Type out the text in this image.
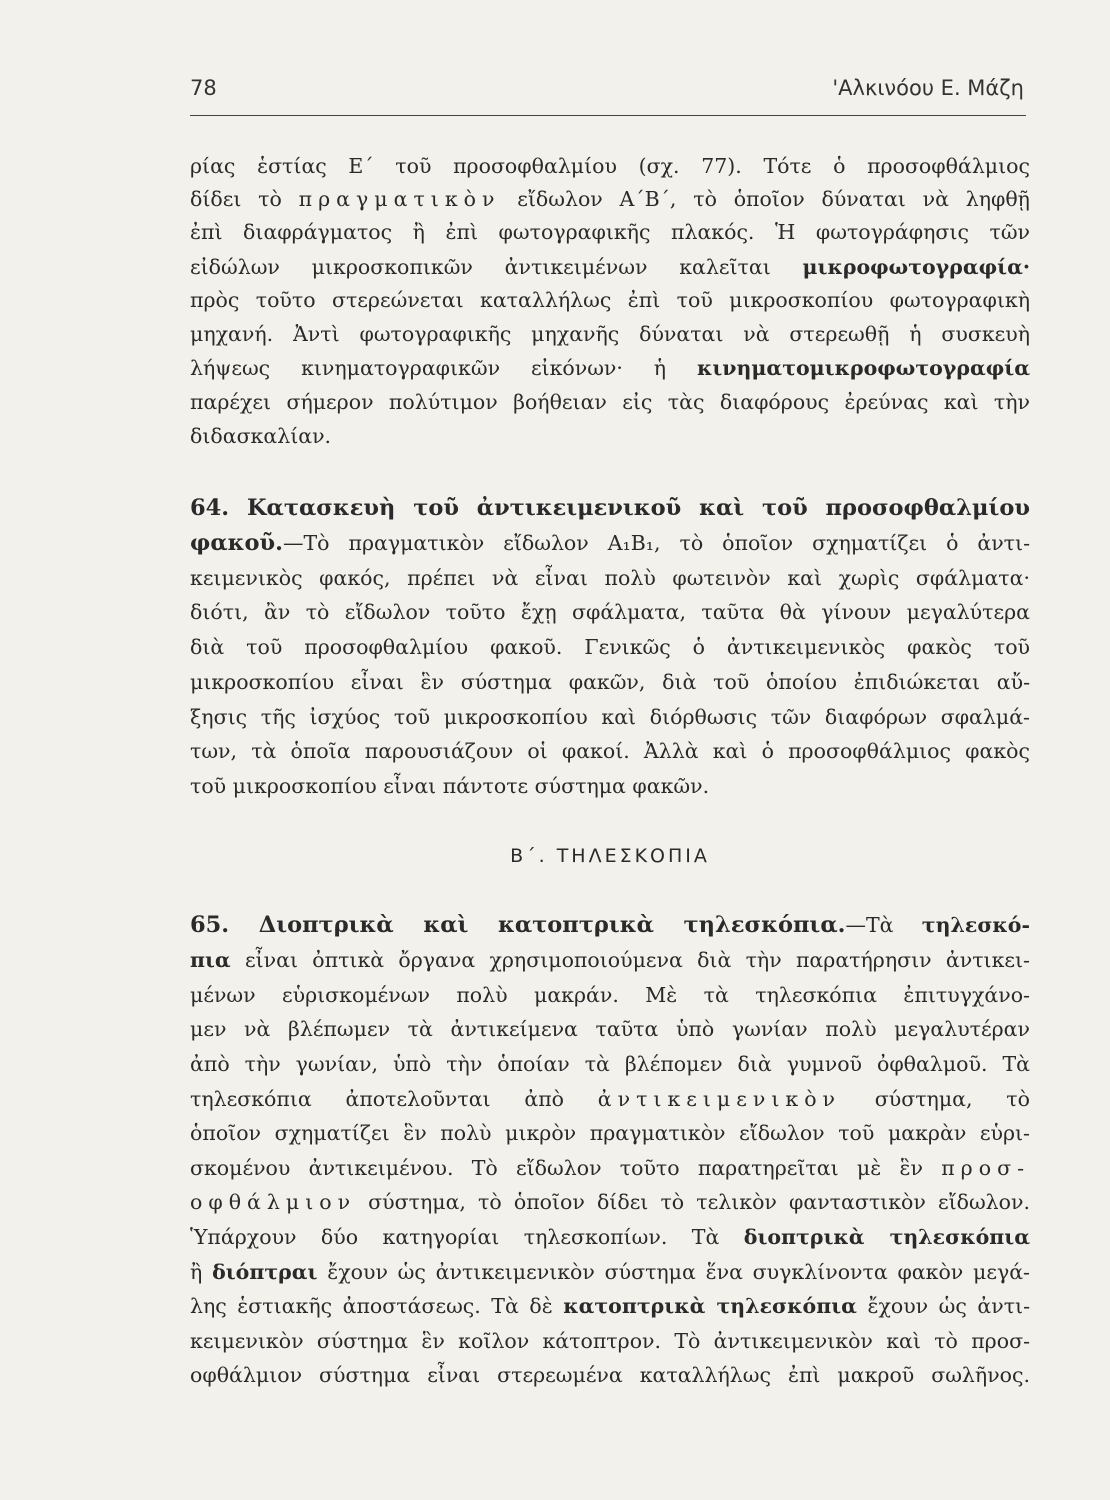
78	'Αλκινόου Ε. Μάζη
ρίας ἑστίας Ε΄ τοῦ προσοφθαλμίου (σχ. 77). Τότε ὁ προσοφθάλμιος
δίδει τὸ πραγματικὸν εἴδωλον Α΄Β΄, τὸ ὁποῖον δύναται νὰ ληφθῇ
ἐπὶ διαφράγματος ἢ ἐπὶ φωτογραφικῆς πλακός. Ἡ φωτογράφησις τῶν
εἰδώλων μικροσκοπικῶν ἀντικειμένων καλεῖται μικροφωτογραφία·
πρὸς τοῦτο στερεώνεται καταλλήλως ἐπὶ τοῦ μικροσκοπίου φωτογραφικὴ
μηχανή. Ἀντὶ φωτογραφικῆς μηχανῆς δύναται νὰ στερεωθῇ ἡ συσκευὴ
λήψεως κινηματογραφικῶν εἰκόνων· ἡ κινηματομικροφωτογραφία
παρέχει σήμερον πολύτιμον βοήθειαν εἰς τὰς διαφόρους ἐρεύνας καὶ τὴν
διδασκαλίαν.
64. Κατασκευὴ τοῦ ἀντικειμενικοῦ καὶ τοῦ προσοφθαλμίου
φακοῦ.—Τὸ πραγματικὸν εἴδωλον Α₁Β₁, τὸ ὁποῖον σχηματίζει ὁ ἀντι-
κειμενικὸς φακός, πρέπει νὰ εἶναι πολὺ φωτεινὸν καὶ χωρὶς σφάλματα·
διότι, ἂν τὸ εἴδωλον τοῦτο ἔχῃ σφάλματα, ταῦτα θὰ γίνουν μεγαλύτερα
διὰ τοῦ προσοφθαλμίου φακοῦ. Γενικῶς ὁ ἀντικειμενικὸς φακὸς τοῦ
μικροσκοπίου εἶναι ἓν σύστημα φακῶν, διὰ τοῦ ὁποίου ἐπιδιώκεται αὔ-
ξησις τῆς ἰσχύος τοῦ μικροσκοπίου καὶ διόρθωσις τῶν διαφόρων σφαλμά-
των, τὰ ὁποῖα παρουσιάζουν οἱ φακοί. Ἀλλὰ καὶ ὁ προσοφθάλμιος φακὸς
τοῦ μικροσκοπίου εἶναι πάντοτε σύστημα φακῶν.
Β΄. ΤΗΛΕΣΚΟΠΙΑ
65. Διοπτρικὰ καὶ κατοπτρικὰ τηλεσκόπια.—Τὰ τηλεσκό-
πια εἶναι ὀπτικὰ ὄργανα χρησιμοποιούμενα διὰ τὴν παρατήρησιν ἀντικει-
μένων εὑρισκομένων πολὺ μακράν. Μὲ τὰ τηλεσκόπια ἐπιτυγχάνο-
μεν νὰ βλέπωμεν τὰ ἀντικείμενα ταῦτα ὑπὸ γωνίαν πολὺ μεγαλυτέραν
ἀπὸ τὴν γωνίαν, ὑπὸ τὴν ὁποίαν τὰ βλέπομεν διὰ γυμνοῦ ὀφθαλμοῦ. Τὰ
τηλεσκόπια ἀποτελοῦνται ἀπὸ ἀντικειμενικὸν σύστημα, τὸ
ὁποῖον σχηματίζει ἓν πολὺ μικρὸν πραγματικὸν εἴδωλον τοῦ μακρὰν εὑρι-
σκομένου ἀντικειμένου. Τὸ εἴδωλον τοῦτο παρατηρεῖται μὲ ἓν προσ-
οφθάλμιον σύστημα, τὸ ὁποῖον δίδει τὸ τελικὸν φανταστικὸν εἴδωλον.
Ὑπάρχουν δύο κατηγορίαι τηλεσκοπίων. Τὰ διοπτρικὰ τηλεσκόπια
ἢ διόπτραι ἔχουν ὡς ἀντικειμενικὸν σύστημα ἕνα συγκλίνοντα φακὸν μεγά-
λης ἑστιακῆς ἀποστάσεως. Τὰ δὲ κατοπτρικὰ τηλεσκόπια ἔχουν ὡς ἀντι-
κειμενικὸν σύστημα ἓν κοῖλον κάτοπτρον. Τὸ ἀντικειμενικὸν καὶ τὸ προσ-
οφθάλμιον σύστημα εἶναι στερεωμένα καταλλήλως ἐπὶ μακροῦ σωλῆνος.
